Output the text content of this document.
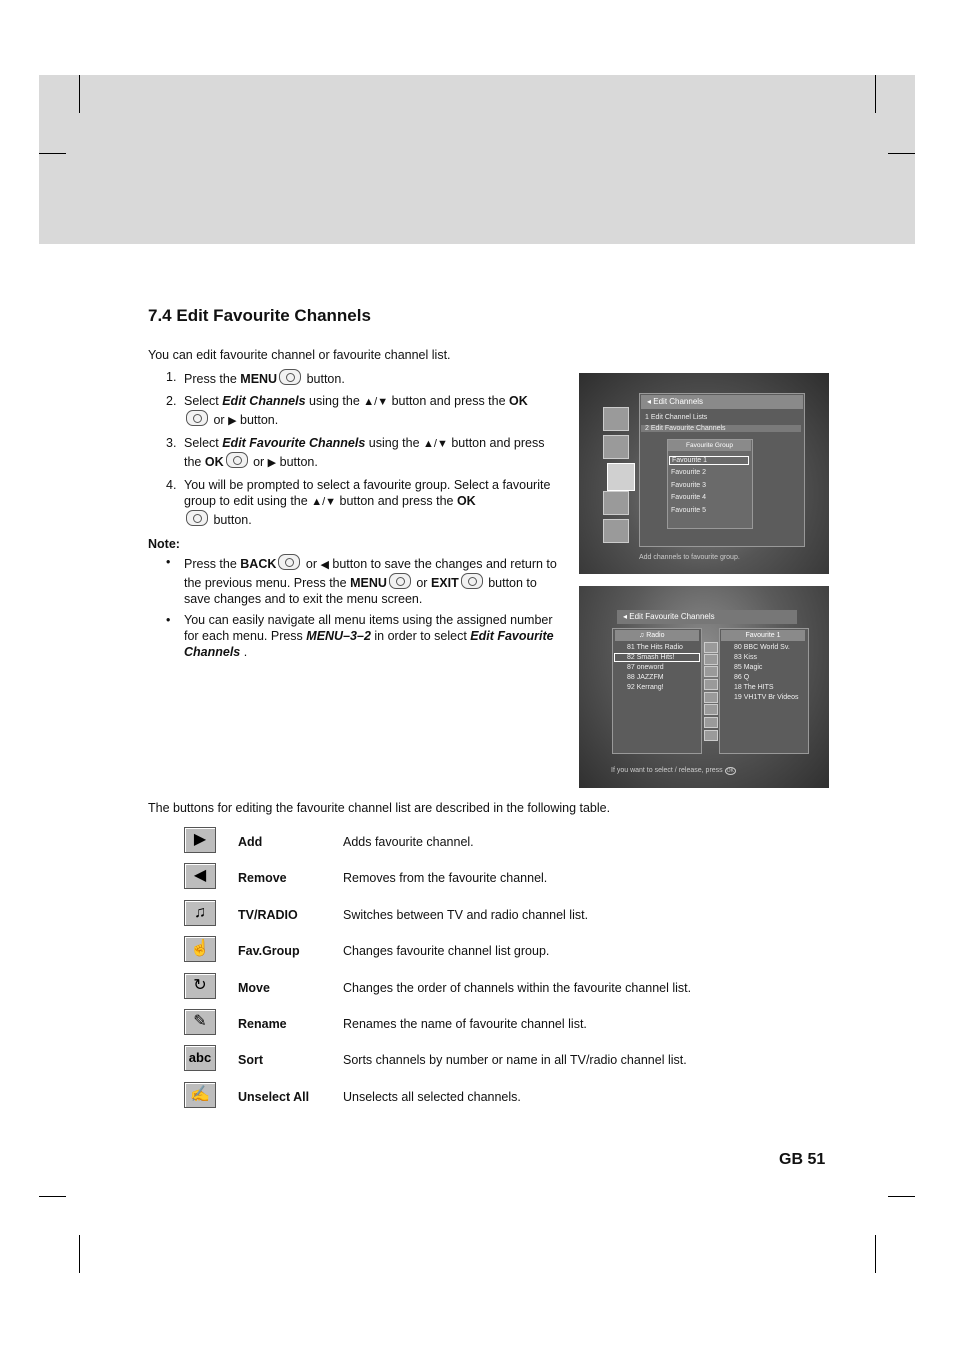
7.4 Edit Favourite Channels
You can edit favourite channel or favourite channel list.
1. Press the MENU button.
2. Select Edit Channels using the ▲/▼ button and press the OK
or ▶ button.
3. Select Edit Favourite Channels using the ▲/▼ button and press the OK or ▶ button.
4. You will be prompted to select a favourite group. Select a favourite group to edit using the ▲/▼ button and press the OK
button.
Note:
• Press the BACK or ◀ button to save the changes and return to the previous menu. Press the MENU or EXIT button to save changes and to exit the menu screen.
• You can easily navigate all menu items using the assigned number for each menu. Press MENU–3–2 in order to select Edit Favourite Channels .
◂ Edit Channels
1 Edit Channel Lists
2 Edit Favourite Channels
Favourite Group
Favourite 1
Favourite 2
Favourite 3
Favourite 4
Favourite 5
Add channels to favourite group.
◂ Edit Favourite Channels
♫ Radio
81 The Hits Radio
82 Smash Hits!
87 oneword
88 JAZZFM
92 Kerrang!
Favourite 1
80 BBC World Sv.
83 Kiss
85 Magic
86 Q
18 The HITS
19 VH1TV Br Videos
If you want to select / release, press OK
The buttons for editing the favourite channel list are described in the following table.
▶	Add	Adds favourite channel.
◀	Remove	Removes from the favourite channel.
♫	TV/RADIO	Switches between TV and radio channel list.
☝	Fav.Group	Changes favourite channel list group.
↻	Move	Changes the order of channels within the favourite channel list.
✎	Rename	Renames the name of favourite channel list.
abc	Sort	Sorts channels by number or name in all TV/radio channel list.
✍	Unselect All	Unselects all selected channels.
GB 51
